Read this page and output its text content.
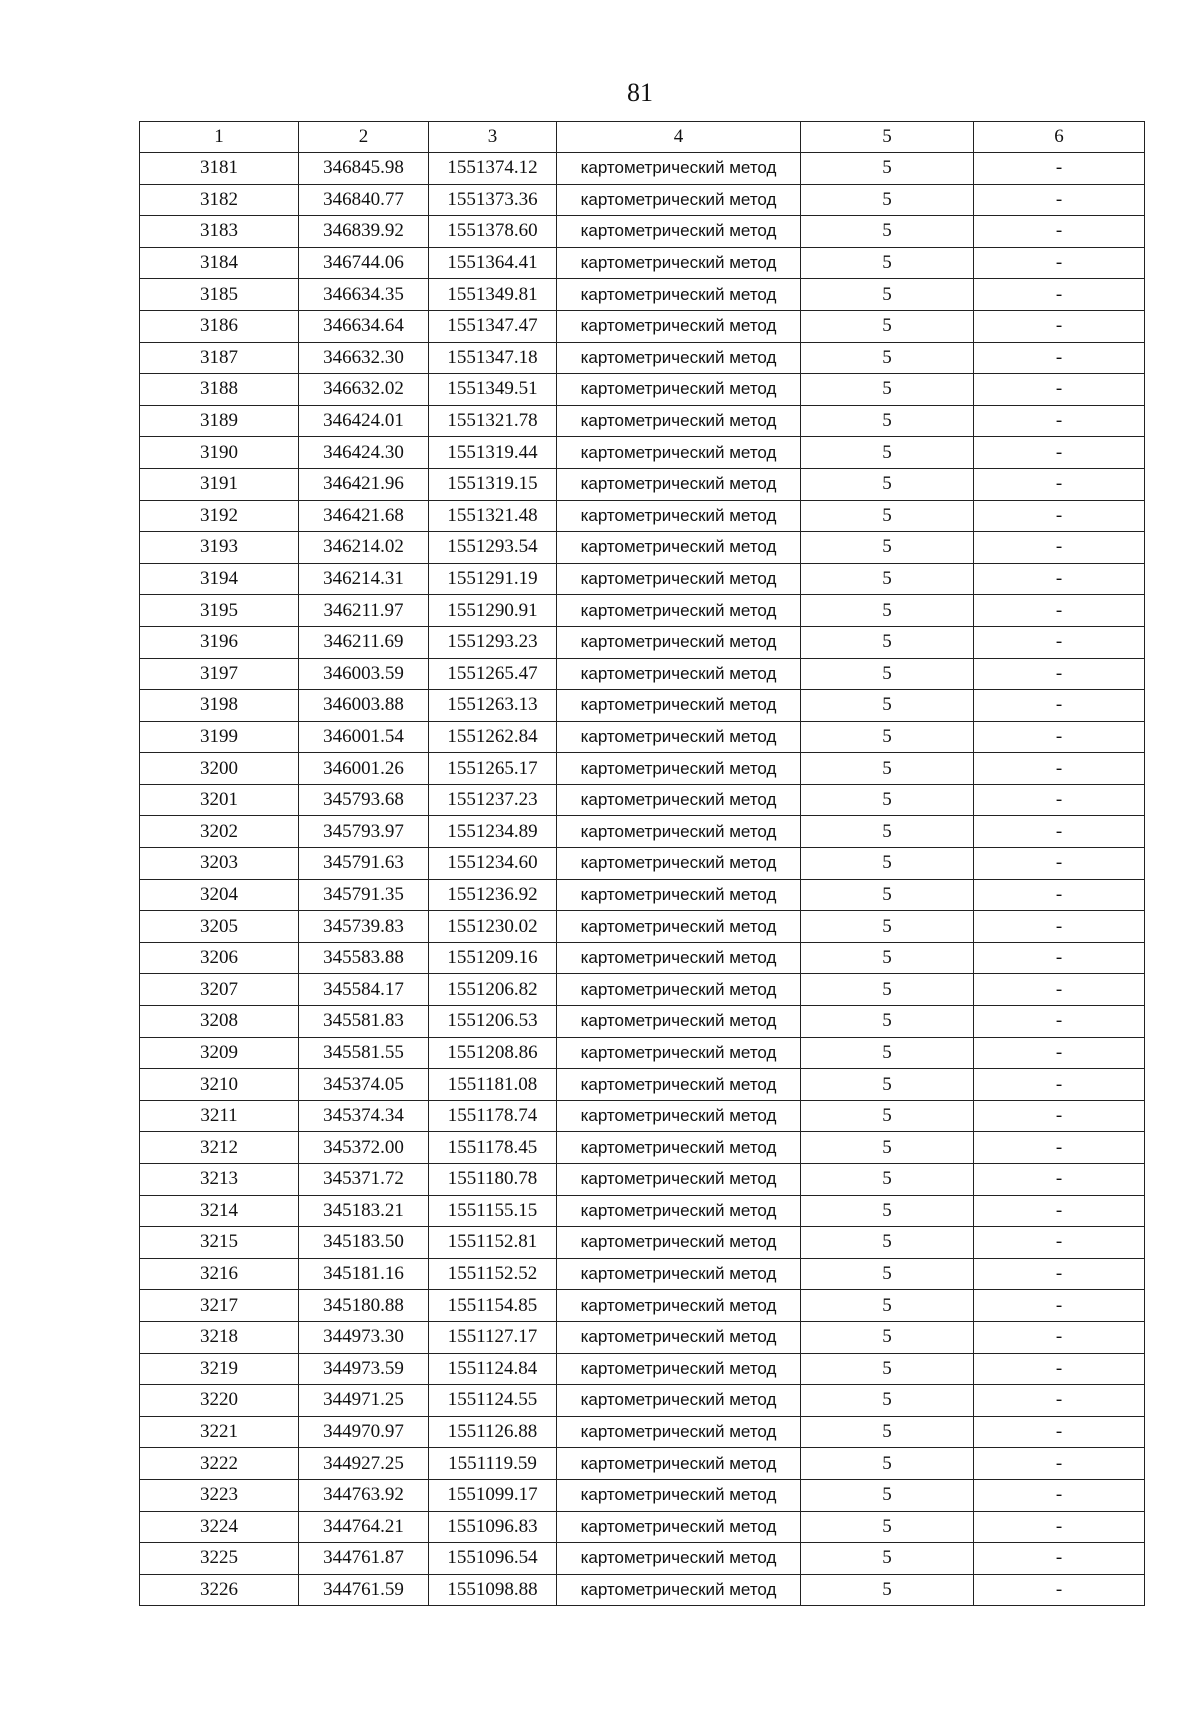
81
1	2	3	4	5	6
3181	346845.98	1551374.12	картометрический метод	5	-
3182	346840.77	1551373.36	картометрический метод	5	-
3183	346839.92	1551378.60	картометрический метод	5	-
3184	346744.06	1551364.41	картометрический метод	5	-
3185	346634.35	1551349.81	картометрический метод	5	-
3186	346634.64	1551347.47	картометрический метод	5	-
3187	346632.30	1551347.18	картометрический метод	5	-
3188	346632.02	1551349.51	картометрический метод	5	-
3189	346424.01	1551321.78	картометрический метод	5	-
3190	346424.30	1551319.44	картометрический метод	5	-
3191	346421.96	1551319.15	картометрический метод	5	-
3192	346421.68	1551321.48	картометрический метод	5	-
3193	346214.02	1551293.54	картометрический метод	5	-
3194	346214.31	1551291.19	картометрический метод	5	-
3195	346211.97	1551290.91	картометрический метод	5	-
3196	346211.69	1551293.23	картометрический метод	5	-
3197	346003.59	1551265.47	картометрический метод	5	-
3198	346003.88	1551263.13	картометрический метод	5	-
3199	346001.54	1551262.84	картометрический метод	5	-
3200	346001.26	1551265.17	картометрический метод	5	-
3201	345793.68	1551237.23	картометрический метод	5	-
3202	345793.97	1551234.89	картометрический метод	5	-
3203	345791.63	1551234.60	картометрический метод	5	-
3204	345791.35	1551236.92	картометрический метод	5	-
3205	345739.83	1551230.02	картометрический метод	5	-
3206	345583.88	1551209.16	картометрический метод	5	-
3207	345584.17	1551206.82	картометрический метод	5	-
3208	345581.83	1551206.53	картометрический метод	5	-
3209	345581.55	1551208.86	картометрический метод	5	-
3210	345374.05	1551181.08	картометрический метод	5	-
3211	345374.34	1551178.74	картометрический метод	5	-
3212	345372.00	1551178.45	картометрический метод	5	-
3213	345371.72	1551180.78	картометрический метод	5	-
3214	345183.21	1551155.15	картометрический метод	5	-
3215	345183.50	1551152.81	картометрический метод	5	-
3216	345181.16	1551152.52	картометрический метод	5	-
3217	345180.88	1551154.85	картометрический метод	5	-
3218	344973.30	1551127.17	картометрический метод	5	-
3219	344973.59	1551124.84	картометрический метод	5	-
3220	344971.25	1551124.55	картометрический метод	5	-
3221	344970.97	1551126.88	картометрический метод	5	-
3222	344927.25	1551119.59	картометрический метод	5	-
3223	344763.92	1551099.17	картометрический метод	5	-
3224	344764.21	1551096.83	картометрический метод	5	-
3225	344761.87	1551096.54	картометрический метод	5	-
3226	344761.59	1551098.88	картометрический метод	5	-
